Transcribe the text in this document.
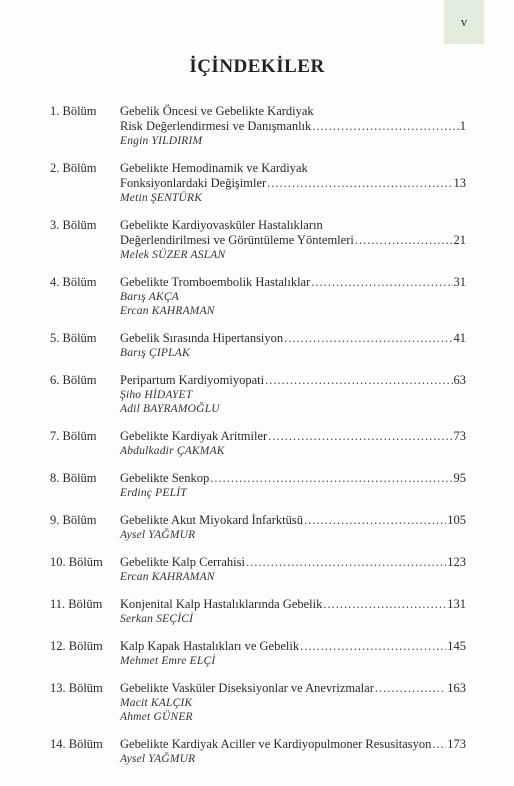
v
İÇİNDEKİLER
1. Bölüm	Gebelik Öncesi ve Gebelikte Kardiyak
Risk Değerlendirmesi ve Danışmanlık .....	1
Engin YILDIRIM
2. Bölüm	Gebelikte Hemodinamik ve Kardiyak
Fonksiyonlardaki Değişimler .....	13
Metin ŞENTÜRK
3. Bölüm	Gebelikte Kardiyovasküler Hastalıkların
Değerlendirilmesi ve Görüntüleme Yöntemleri .....	21
Melek SÜZER ASLAN
4. Bölüm	Gebelikte Tromboembolik Hastalıklar .....	31
Barış AKÇA
Ercan KAHRAMAN
5. Bölüm	Gebelik Sırasında Hipertansiyon .....	41
Barış ÇIPLAK
6. Bölüm	Peripartum Kardiyomiyopati .....	63
Şiho HİDAYET
Adil BAYRAMOĞLU
7. Bölüm	Gebelikte Kardiyak Aritmiler .....	73
Abdulkadir ÇAKMAK
8. Bölüm	Gebelikte Senkop .....	95
Erdinç PELİT
9. Bölüm	Gebelikte Akut Miyokard İnfarktüsü .....	105
Aysel YAĞMUR
10. Bölüm	Gebelikte Kalp Cerrahisi .....	123
Ercan KAHRAMAN
11. Bölüm	Konjenital Kalp Hastalıklarında Gebelik .....	131
Serkan SEÇİCİ
12. Bölüm	Kalp Kapak Hastalıkları ve Gebelik .....	145
Mehmet Emre ELÇİ
13. Bölüm	Gebelikte Vasküler Diseksiyonlar ve Anevrizmalar .....	163
Macit KALÇIK
Ahmet GÜNER
14. Bölüm	Gebelikte Kardiyak Aciller ve Kardiyopulmoner Resusitasyon ..... 173
Aysel YAĞMUR
